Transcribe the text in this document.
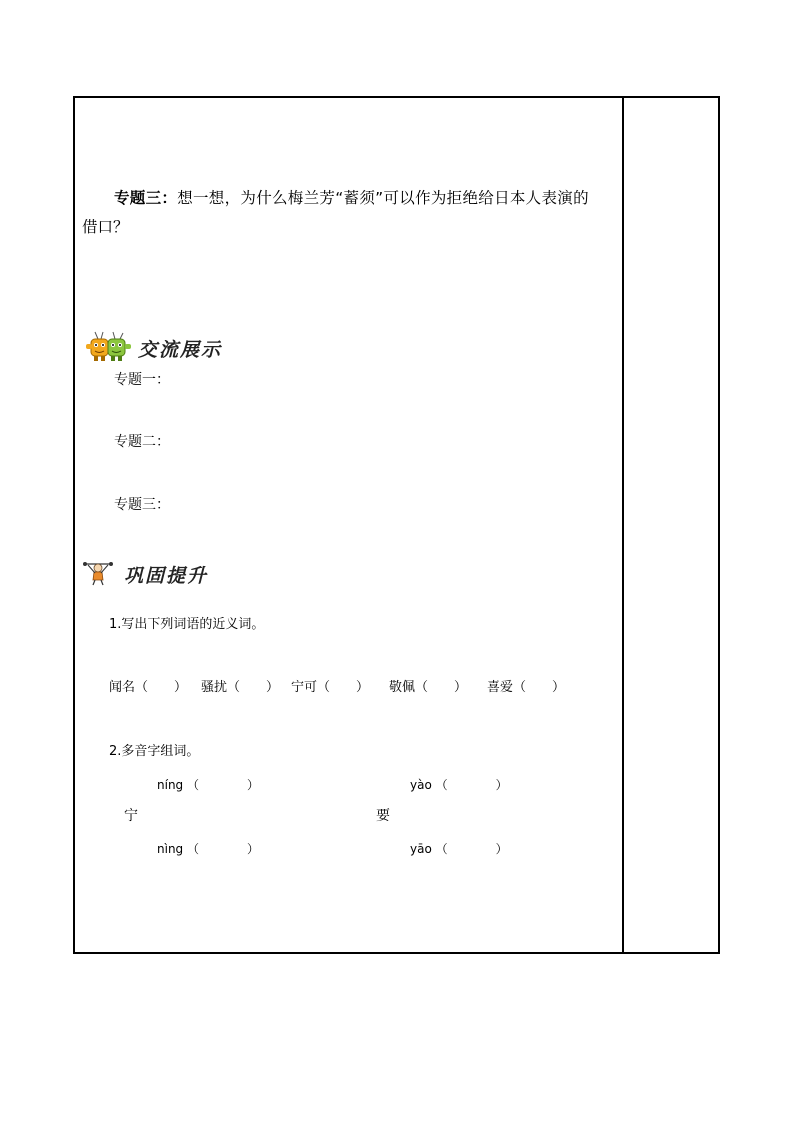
专题三：想一想，为什么梅兰芳“蓄须”可以作为拒绝给日本人表演的
借口？
交流展示
专题一：
专题二：
专题三：
巩固提升
1.写出下列词语的近义词。
闻名（　　） 骚扰（　　） 宁可（　　） 敬佩（　　） 喜爱（　　）
2.多音字组词。
níng （　　　　）
宁
nìng （　　　　）
yào （　　　　）
要
yāo （　　　　）
